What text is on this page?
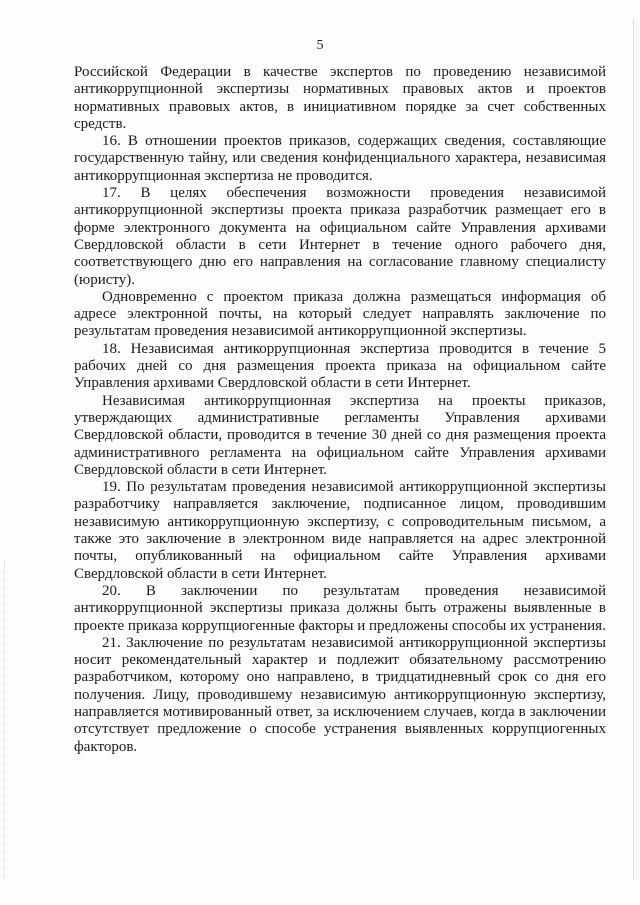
5

Российской Федерации в качестве экспертов по проведению независимой антикоррупционной экспертизы нормативных правовых актов и проектов нормативных правовых актов, в инициативном порядке за счет собственных средств.

16. В отношении проектов приказов, содержащих сведения, составляющие государственную тайну, или сведения конфиденциального характера, независимая антикоррупционная экспертиза не проводится.

17. В целях обеспечения возможности проведения независимой антикоррупционной экспертизы проекта приказа разработчик размещает его в форме электронного документа на официальном сайте Управления архивами Свердловской области в сети Интернет в течение одного рабочего дня, соответствующего дню его направления на согласование главному специалисту (юристу).

Одновременно с проектом приказа должна размещаться информация об адресе электронной почты, на который следует направлять заключение по результатам проведения независимой антикоррупционной экспертизы.

18. Независимая антикоррупционная экспертиза проводится в течение 5 рабочих дней со дня размещения проекта приказа на официальном сайте Управления архивами Свердловской области в сети Интернет.

Независимая антикоррупционная экспертиза на проекты приказов, утверждающих административные регламенты Управления архивами Свердловской области, проводится в течение 30 дней со дня размещения проекта административного регламента на официальном сайте Управления архивами Свердловской области в сети Интернет.

19. По результатам проведения независимой антикоррупционной экспертизы разработчику направляется заключение, подписанное лицом, проводившим независимую антикоррупционную экспертизу, с сопроводительным письмом, а также это заключение в электронном виде направляется на адрес электронной почты, опубликованный на официальном сайте Управления архивами Свердловской области в сети Интернет.

20. В заключении по результатам проведения независимой антикоррупционной экспертизы приказа должны быть отражены выявленные в проекте приказа коррупциогенные факторы и предложены способы их устранения.

21. Заключение по результатам независимой антикоррупционной экспертизы носит рекомендательный характер и подлежит обязательному рассмотрению разработчиком, которому оно направлено, в тридцатидневный срок со дня его получения. Лицу, проводившему независимую антикоррупционную экспертизу, направляется мотивированный ответ, за исключением случаев, когда в заключении отсутствует предложение о способе устранения выявленных коррупциогенных факторов.
